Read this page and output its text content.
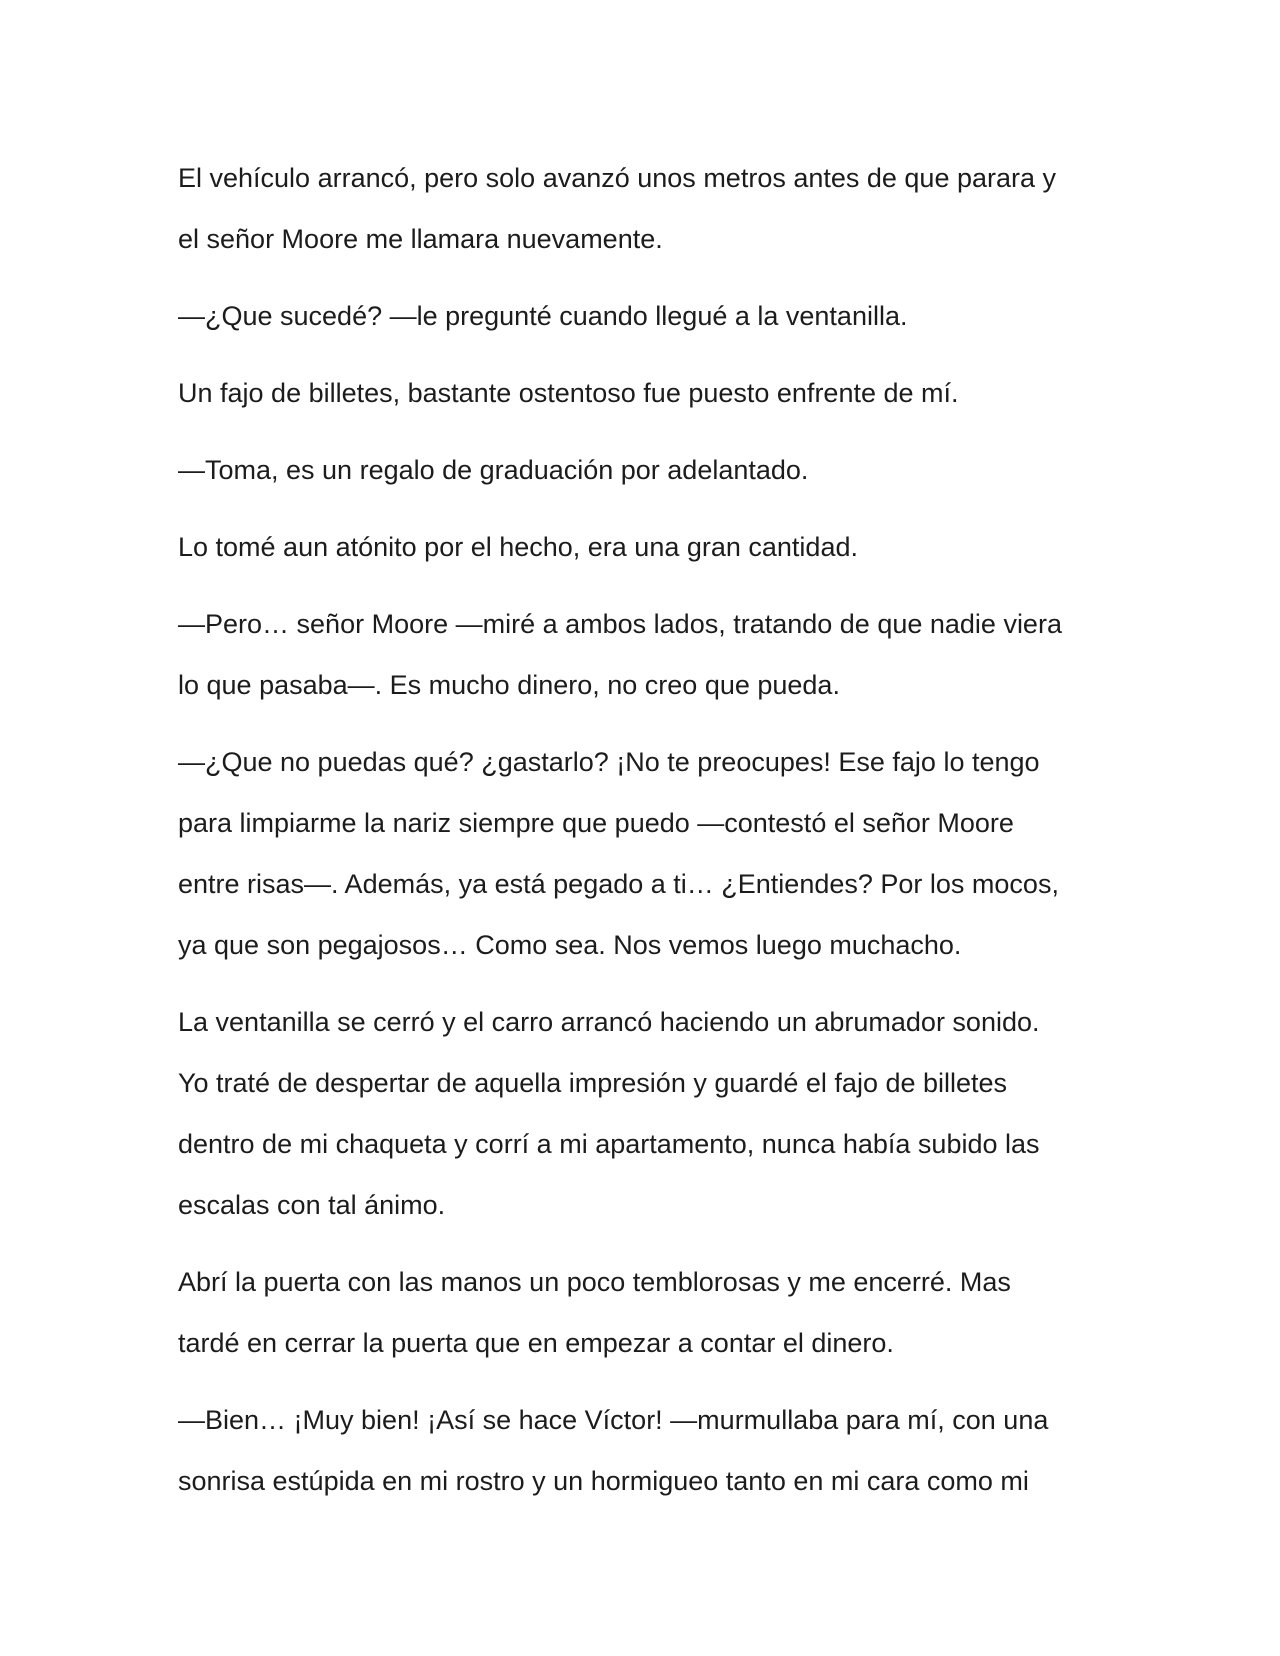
El vehículo arrancó, pero solo avanzó unos metros antes de que parara y
el señor Moore me llamara nuevamente.

—¿Que sucedé? —le pregunté cuando llegué a la ventanilla.

Un fajo de billetes, bastante ostentoso fue puesto enfrente de mí.

—Toma, es un regalo de graduación por adelantado.

Lo tomé aun atónito por el hecho, era una gran cantidad.

—Pero… señor Moore —miré a ambos lados, tratando de que nadie viera
lo que pasaba—. Es mucho dinero, no creo que pueda.

—¿Que no puedas qué? ¿gastarlo? ¡No te preocupes! Ese fajo lo tengo
para limpiarme la nariz siempre que puedo —contestó el señor Moore
entre risas—. Además, ya está pegado a ti… ¿Entiendes? Por los mocos,
ya que son pegajosos… Como sea. Nos vemos luego muchacho.

La ventanilla se cerró y el carro arrancó haciendo un abrumador sonido.
Yo traté de despertar de aquella impresión y guardé el fajo de billetes
dentro de mi chaqueta y corrí a mi apartamento, nunca había subido las
escalas con tal ánimo.

Abrí la puerta con las manos un poco temblorosas y me encerré. Mas
tardé en cerrar la puerta que en empezar a contar el dinero.

—Bien… ¡Muy bien! ¡Así se hace Víctor! —murmullaba para mí, con una
sonrisa estúpida en mi rostro y un hormigueo tanto en mi cara como mi
